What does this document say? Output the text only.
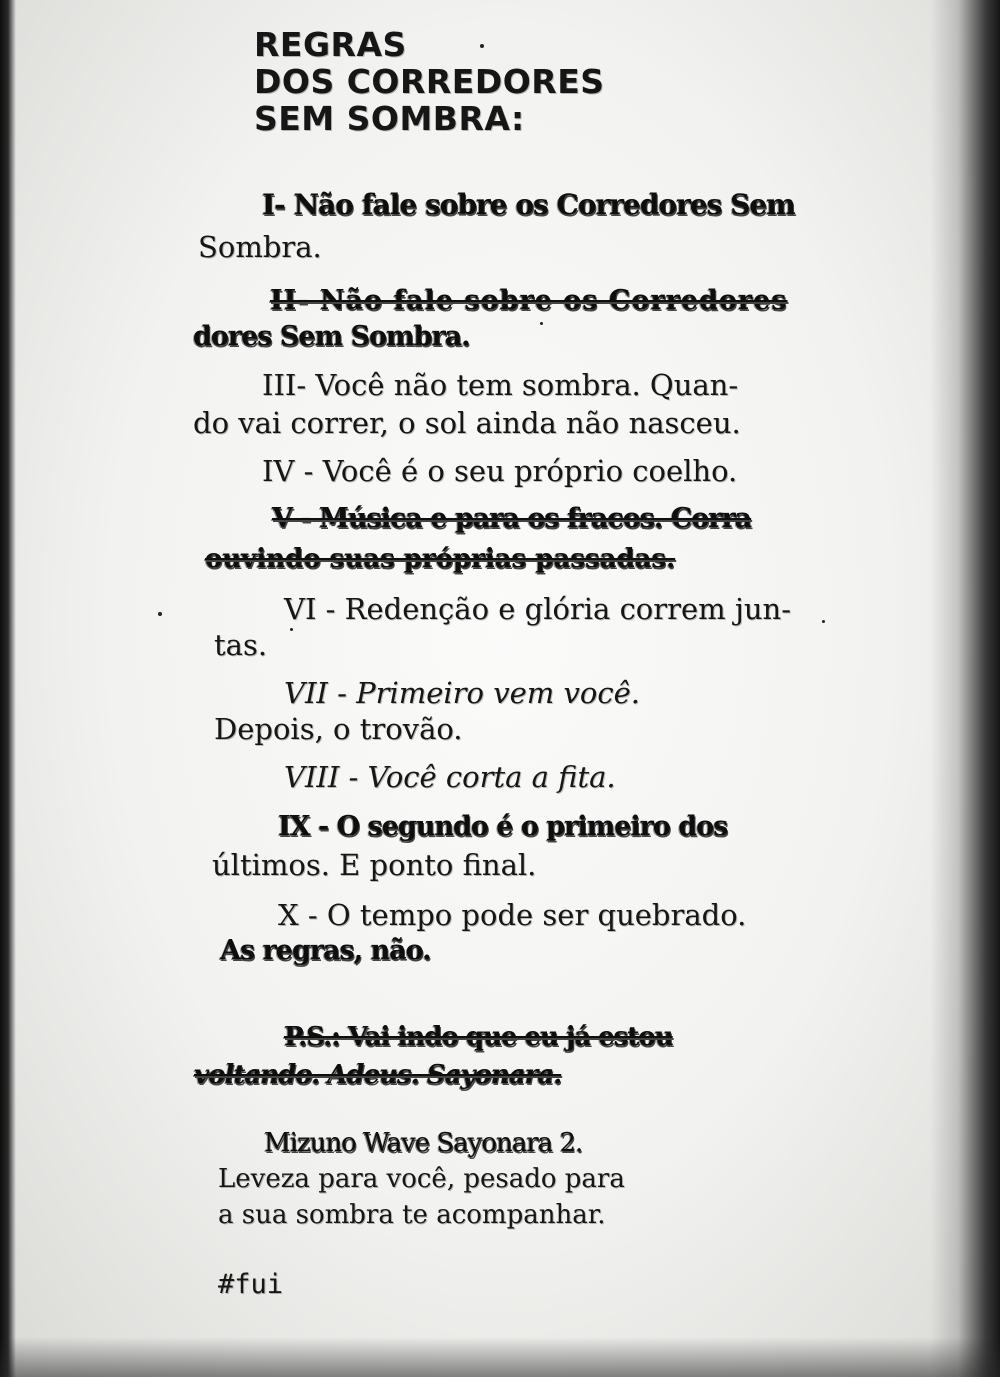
REGRAS
DOS CORREDORES
SEM SOMBRA:
I- Não fale sobre os Corredores Sem
Sombra.
II- Não fale sobre os Corredores
dores Sem Sombra.
III- Você não tem sombra. Quan-
do vai correr, o sol ainda não nasceu.
IV - Você é o seu próprio coelho.
V - Música e para os fracos. Corra
ouvindo suas próprias passadas.
VI - Redenção e glória correm jun-
tas.
VII - Primeiro vem você.
Depois, o trovão.
VIII - Você corta a fita.
IX - O segundo é o primeiro dos
últimos. E ponto final.
X - O tempo pode ser quebrado.
As regras, não.
P.S.: Vai indo que eu já estou
voltando. Adeus. Sayonara.
Mizuno Wave Sayonara 2.
Leveza para você, pesado para
a sua sombra te acompanhar.
#fui
